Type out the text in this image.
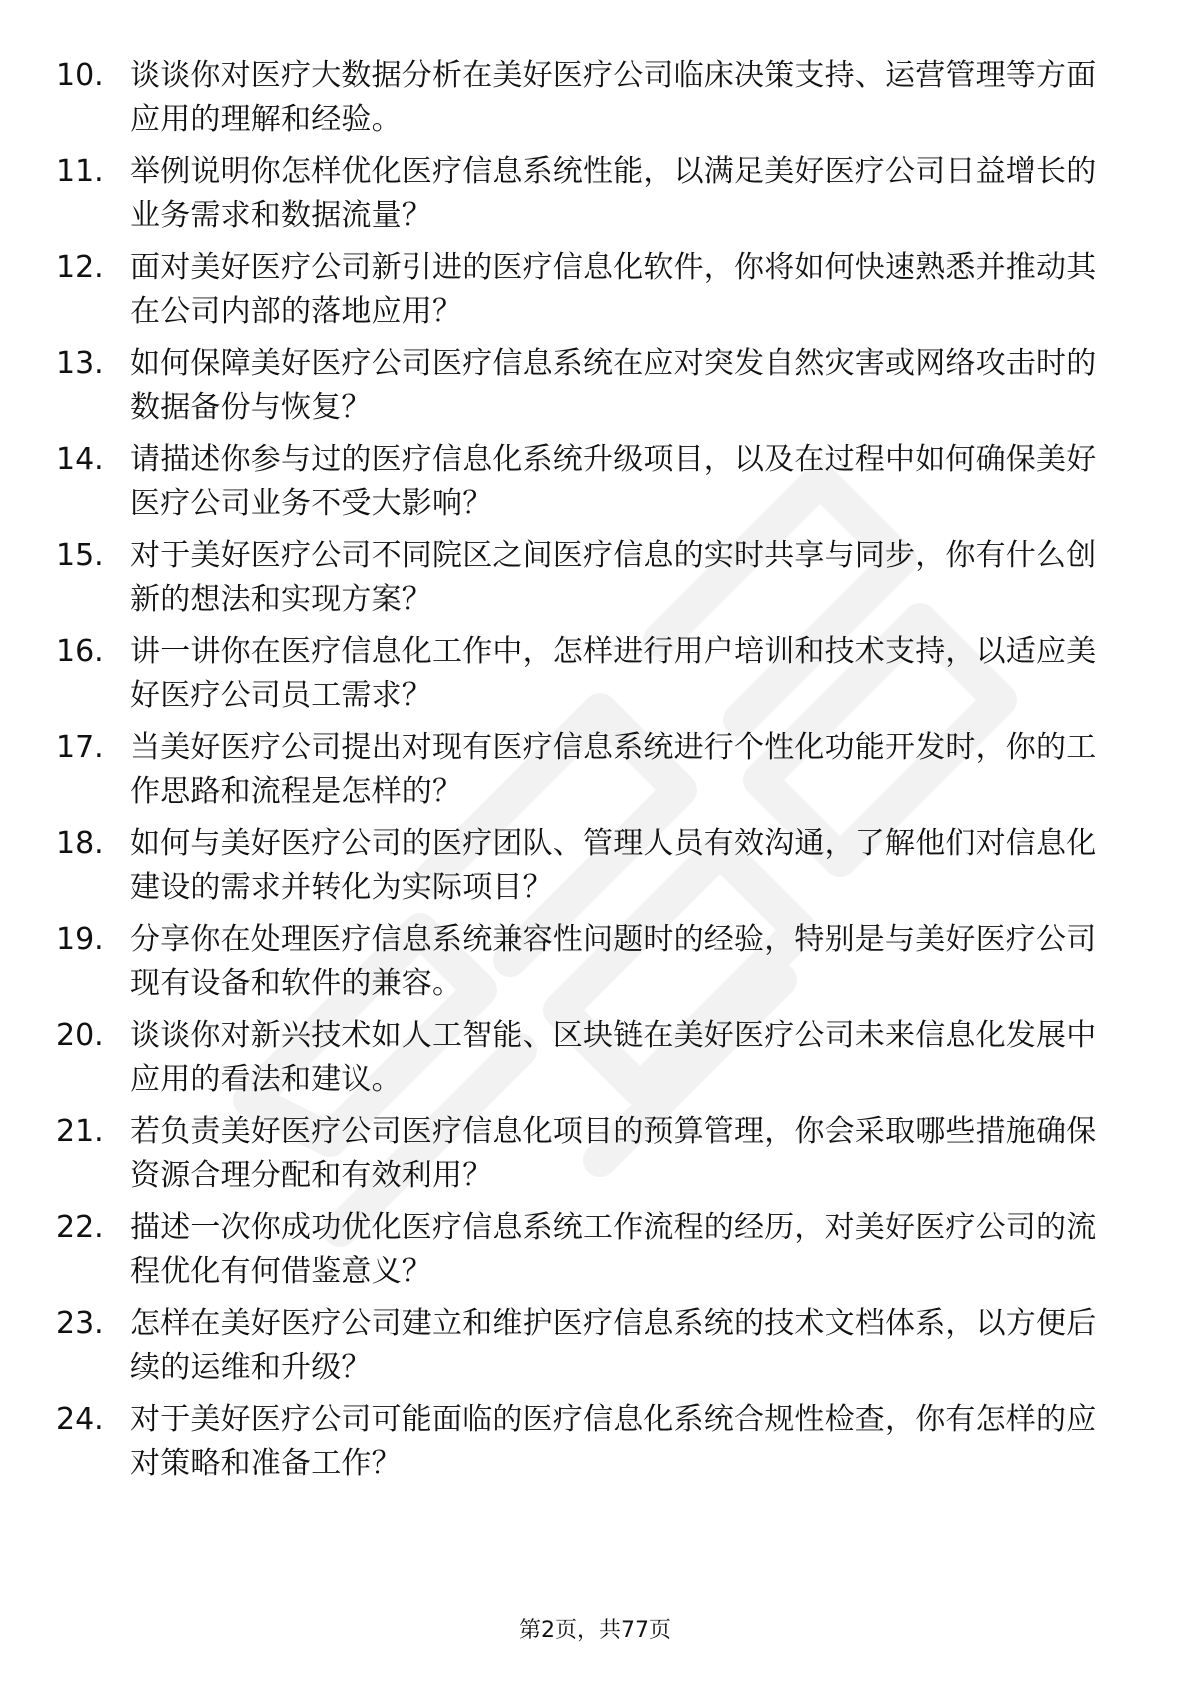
10. 谈谈你对医疗大数据分析在美好医疗公司临床决策支持、运营管理等方面应用的理解和经验。
11. 举例说明你怎样优化医疗信息系统性能，以满足美好医疗公司日益增长的业务需求和数据流量？
12. 面对美好医疗公司新引进的医疗信息化软件，你将如何快速熟悉并推动其在公司内部的落地应用？
13. 如何保障美好医疗公司医疗信息系统在应对突发自然灾害或网络攻击时的数据备份与恢复？
14. 请描述你参与过的医疗信息化系统升级项目，以及在过程中如何确保美好医疗公司业务不受大影响？
15. 对于美好医疗公司不同院区之间医疗信息的实时共享与同步，你有什么创新的想法和实现方案？
16. 讲一讲你在医疗信息化工作中，怎样进行用户培训和技术支持，以适应美好医疗公司员工需求？
17. 当美好医疗公司提出对现有医疗信息系统进行个性化功能开发时，你的工作思路和流程是怎样的？
18. 如何与美好医疗公司的医疗团队、管理人员有效沟通，了解他们对信息化建设的需求并转化为实际项目？
19. 分享你在处理医疗信息系统兼容性问题时的经验，特别是与美好医疗公司现有设备和软件的兼容。
20. 谈谈你对新兴技术如人工智能、区块链在美好医疗公司未来信息化发展中应用的看法和建议。
21. 若负责美好医疗公司医疗信息化项目的预算管理，你会采取哪些措施确保资源合理分配和有效利用？
22. 描述一次你成功优化医疗信息系统工作流程的经历，对美好医疗公司的流程优化有何借鉴意义？
23. 怎样在美好医疗公司建立和维护医疗信息系统的技术文档体系，以方便后续的运维和升级？
24. 对于美好医疗公司可能面临的医疗信息化系统合规性检查，你有怎样的应对策略和准备工作？
第2页，共77页
